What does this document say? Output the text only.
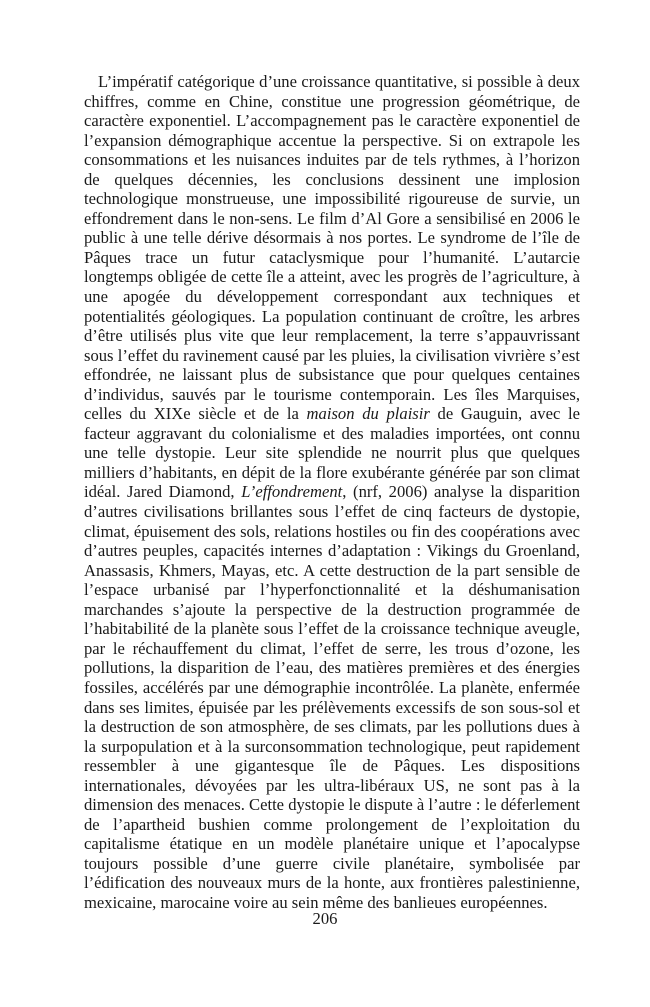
L’impératif catégorique d’une croissance quantitative, si possible à deux chiffres, comme en Chine, constitue une progression géométrique, de caractère exponentiel. L’accompagnement pas le caractère exponentiel de l’expansion démographique accentue la perspective. Si on extrapole les consommations et les nuisances induites par de tels rythmes, à l’horizon de quelques décennies, les conclusions dessinent une implosion technologique monstrueuse, une impossibilité rigoureuse de survie, un effondrement dans le non-sens. Le film d’Al Gore a sensibilisé en 2006 le public à une telle dérive désormais à nos portes. Le syndrome de l’île de Pâques trace un futur cataclysmique pour l’humanité. L’autarcie longtemps obligée de cette île a atteint, avec les progrès de l’agriculture, à une apogée du développement correspondant aux techniques et potentialités géologiques. La population continuant de croître, les arbres d’être utilisés plus vite que leur remplacement, la terre s’appauvrissant sous l’effet du ravinement causé par les pluies, la civilisation vivrière s’est effondrée, ne laissant plus de subsistance que pour quelques centaines d’individus, sauvés par le tourisme contemporain. Les îles Marquises, celles du XIXe siècle et de la maison du plaisir de Gauguin, avec le facteur aggravant du colonialisme et des maladies importées, ont connu une telle dystopie. Leur site splendide ne nourrit plus que quelques milliers d’habitants, en dépit de la flore exubérante générée par son climat idéal. Jared Diamond, L’effondrement, (nrf, 2006) analyse la disparition d’autres civilisations brillantes sous l’effet de cinq facteurs de dystopie, climat, épuisement des sols, relations hostiles ou fin des coopérations avec d’autres peuples, capacités internes d’adaptation : Vikings du Groenland, Anassasis, Khmers, Mayas, etc. A cette destruction de la part sensible de l’espace urbanisé par l’hyperfonctionnalité et la déshumanisation marchandes s’ajoute la perspective de la destruction programmée de l’habitabilité de la planète sous l’effet de la croissance technique aveugle, par le réchauffement du climat, l’effet de serre, les trous d’ozone, les pollutions, la disparition de l’eau, des matières premières et des énergies fossiles, accélérés par une démographie incontrôlée. La planète, enfermée dans ses limites, épuisée par les prélèvements excessifs de son sous-sol et la destruction de son atmosphère, de ses climats, par les pollutions dues à la surpopulation et à la surconsommation technologique, peut rapidement ressembler à une gigantesque île de Pâques. Les dispositions internationales, dévoyées par les ultra-libéraux US, ne sont pas à la dimension des menaces. Cette dystopie le dispute à l’autre : le déferlement de l’apartheid bushien comme prolongement de l’exploitation du capitalisme étatique en un modèle planétaire unique et l’apocalypse toujours possible d’une guerre civile planétaire, symbolisée par l’édification des nouveaux murs de la honte, aux frontières palestinienne, mexicaine, marocaine voire au sein même des banlieues européennes.

206
